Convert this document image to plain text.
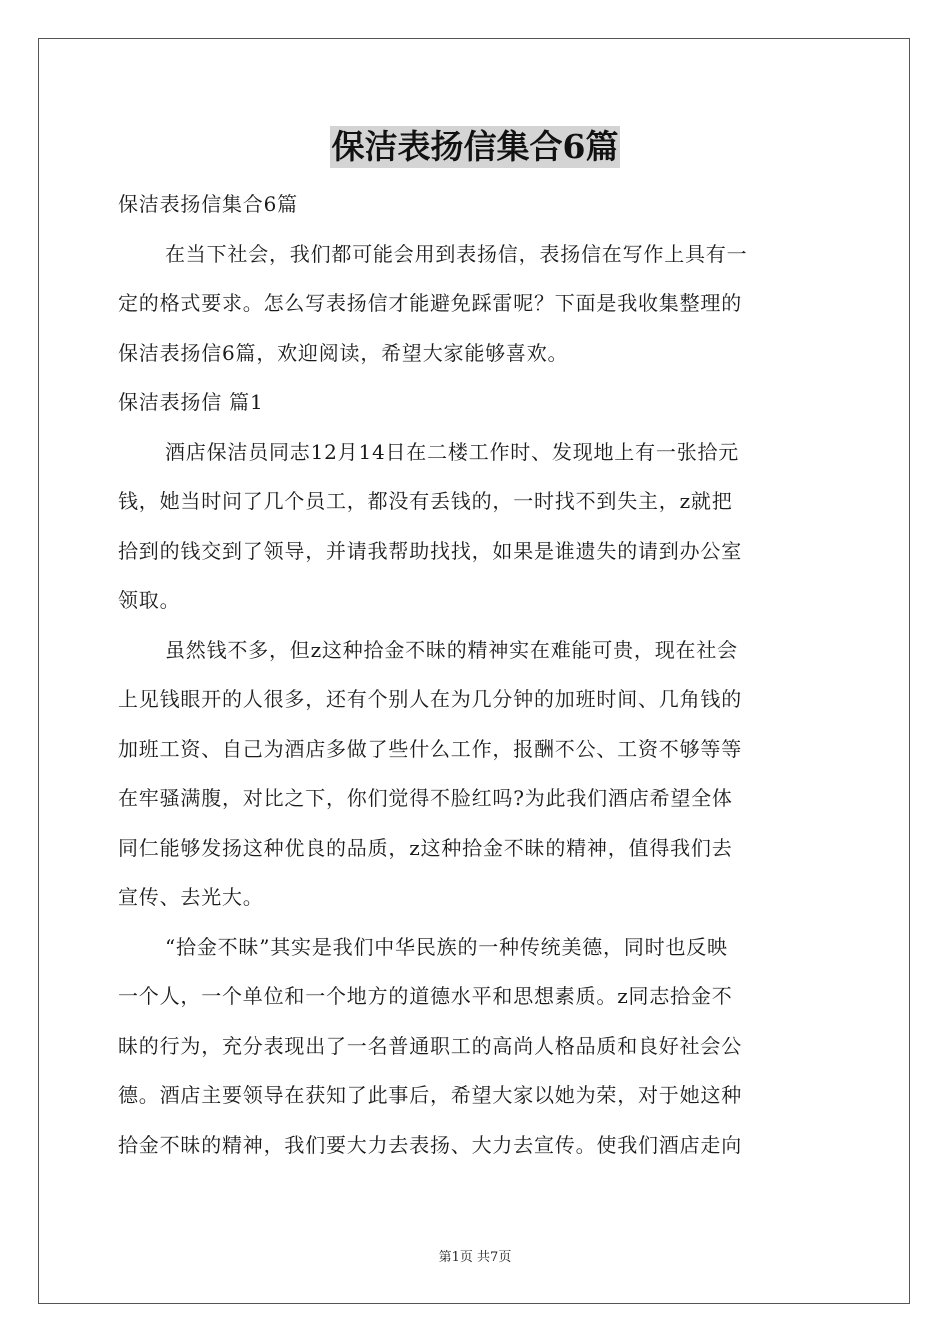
保洁表扬信集合6篇
保洁表扬信集合6篇
在当下社会，我们都可能会用到表扬信，表扬信在写作上具有一
定的格式要求。怎么写表扬信才能避免踩雷呢？下面是我收集整理的
保洁表扬信6篇，欢迎阅读，希望大家能够喜欢。
保洁表扬信 篇1
酒店保洁员同志12月14日在二楼工作时、发现地上有一张拾元
钱，她当时问了几个员工，都没有丢钱的，一时找不到失主，z就把
拾到的钱交到了领导，并请我帮助找找，如果是谁遗失的请到办公室
领取。
虽然钱不多，但z这种拾金不昧的精神实在难能可贵，现在社会
上见钱眼开的人很多，还有个别人在为几分钟的加班时间、几角钱的
加班工资、自己为酒店多做了些什么工作，报酬不公、工资不够等等
在牢骚满腹，对比之下，你们觉得不脸红吗?为此我们酒店希望全体
同仁能够发扬这种优良的品质，z这种拾金不昧的精神，值得我们去
宣传、去光大。
“拾金不昧”其实是我们中华民族的一种传统美德，同时也反映
一个人，一个单位和一个地方的道德水平和思想素质。z同志拾金不
昧的行为，充分表现出了一名普通职工的高尚人格品质和良好社会公
德。酒店主要领导在获知了此事后，希望大家以她为荣，对于她这种
拾金不昧的精神，我们要大力去表扬、大力去宣传。使我们酒店走向
第1页 共7页
